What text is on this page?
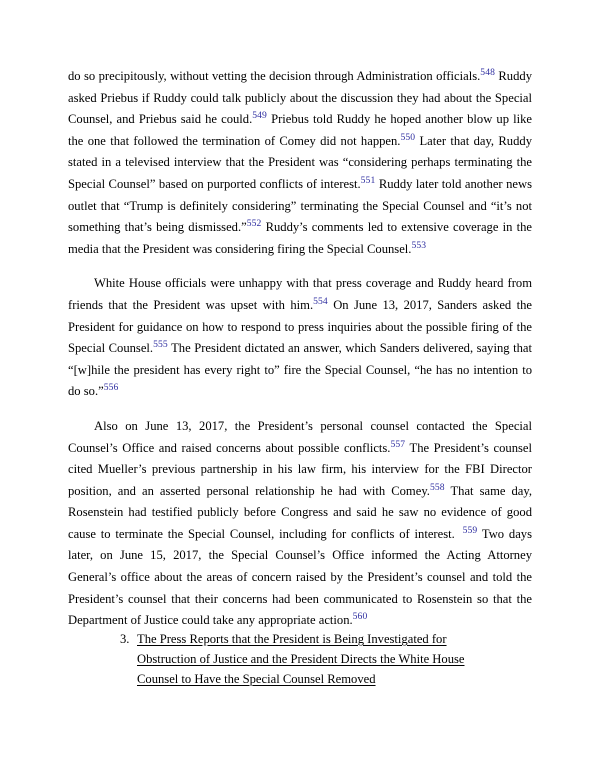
do so precipitously, without vetting the decision through Administration officials.$^{548}$ Ruddy asked Priebus if Ruddy could talk publicly about the discussion they had about the Special Counsel, and Priebus said he could.$^{549}$ Priebus told Ruddy he hoped another blow up like the one that followed the termination of Comey did not happen.$^{550}$ Later that day, Ruddy stated in a televised interview that the President was “considering perhaps terminating the Special Counsel” based on purported conflicts of interest.$^{551}$ Ruddy later told another news outlet that “Trump is definitely considering” terminating the Special Counsel and “it’s not something that’s being dismissed.”$^{552}$ Ruddy’s comments led to extensive coverage in the media that the President was considering firing the Special Counsel.$^{553}$

White House officials were unhappy with that press coverage and Ruddy heard from friends that the President was upset with him.$^{554}$ On June 13, 2017, Sanders asked the President for guidance on how to respond to press inquiries about the possible firing of the Special Counsel.$^{555}$ The President dictated an answer, which Sanders delivered, saying that “[w]hile the president has every right to” fire the Special Counsel, “he has no intention to do so.”$^{556}$

Also on June 13, 2017, the President’s personal counsel contacted the Special Counsel’s Office and raised concerns about possible conflicts.$^{557}$ The President’s counsel cited Mueller’s previous partnership in his law firm, his interview for the FBI Director position, and an asserted personal relationship he had with Comey.$^{558}$ That same day, Rosenstein had testified publicly before Congress and said he saw no evidence of good cause to terminate the Special Counsel, including for conflicts of interest. $^{559}$ Two days later, on June 15, 2017, the Special Counsel’s Office informed the Acting Attorney General’s office about the areas of concern raised by the President’s counsel and told the President’s counsel that their concerns had been communicated to Rosenstein so that the Department of Justice could take any appropriate action.$^{560}$

3. The Press Reports that the President is Being Investigated for
Obstruction of Justice and the President Directs the White House
Counsel to Have the Special Counsel Removed
